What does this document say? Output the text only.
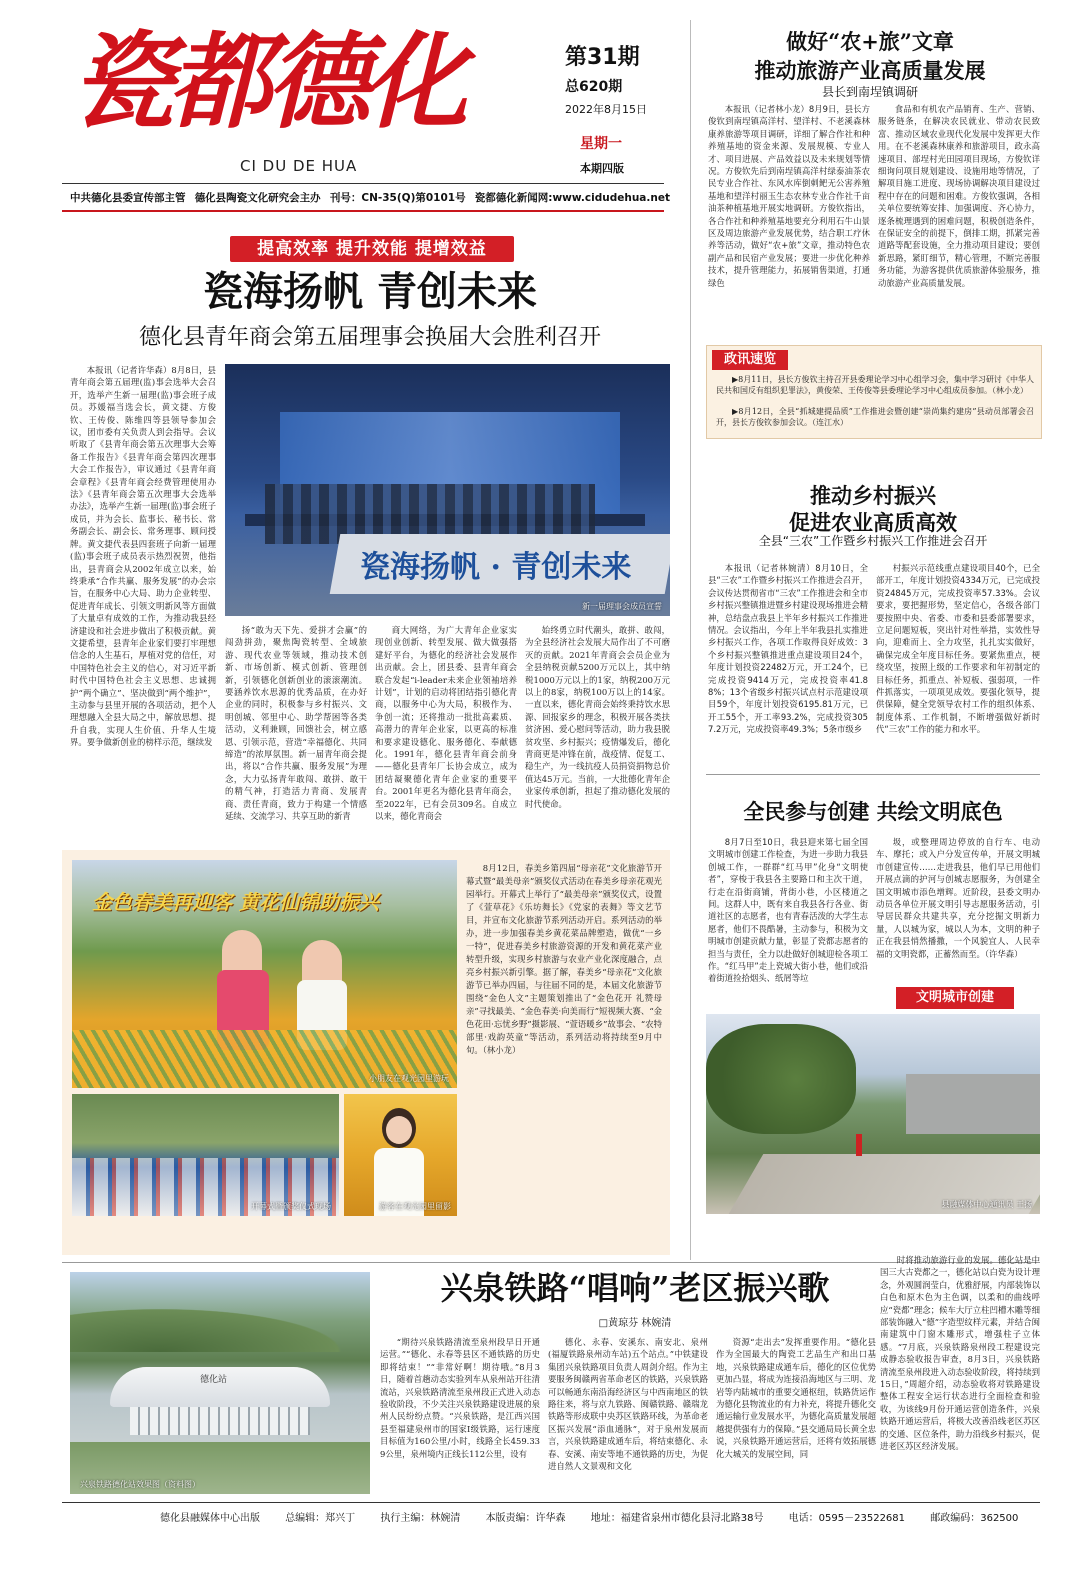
瓷都德化
CI DU DE HUA
第31期
总620期
2022年8月15日
星期一
本期四版
中共德化县委宣传部主管 德化县陶瓷文化研究会主办 刊号：CN-35(Q)第0101号 瓷都德化新闻网:www.cidudehua.net
做好“农+旅”文章
推动旅游产业高质量发展
县长到南埕镇调研

本报讯（记者林小龙）8月9日，县长方俊钦到南埕镇高洋村、望洋村、不老溪森林康养旅游等项目调研，详细了解合作社和种养殖基地的资金来源、发展规模、专业人才、项目进展、产品效益以及未来规划等情况。方俊钦先后到南埕镇高洋村绿泰油茶农民专业合作社、东风水库倒刺鲃无公害养殖基地和望洋村丽玉生态农林专业合作社千亩油茶种植基地开展实地调研。方俊钦指出，各合作社和种养殖基地要充分利用石牛山景区及周边旅游产业发展优势，结合职工疗休养等活动，做好“农+旅”文章，推动特色农副产品和民宿产业发展；要进一步优化种养技术，提升管理能力，拓展销售渠道，打通绿色

食品和有机农产品销育、生产、营销、服务链条，在解决农民就业、带动农民致富、推动区域农业现代化发展中发挥更大作用。在不老溪森林康养和旅游项目，政永高速项目、部埕村光田园项目现场，方俊钦详细询问项目规划建设、设施用地等情况，了解项目施工进度、现场协调解决项目建设过程中存在的问题和困难。方俊钦强调，各相关单位要统筹安排、加强调度、齐心协力，逐条梳理遇到的困难问题，积极创造条件，在保证安全的前提下，倒排工期，抓紧完善道路等配套设施，全力推动项目建设；要创新思路，紧盯细节，精心管理，不断完善服务功能，为游客提供优质旅游体验服务，推动旅游产业高质量发展。

政讯速览

▶8月11日，县长方俊钦主持召开县委理论学习中心组学习会，集中学习研讨《中华人民共和国反有组织犯罪法》，黄俊荣、王传俊等县委理论学习中心组成员参加。（林小龙）

▶8月12日，全县“抓城建提品质”工作推进会暨创建“崇尚集约建房”县动员部署会召开，县长方俊钦参加会议。（连江水）

提高效率 提升效能 提增效益
瓷海扬帆 青创未来
德化县青年商会第五届理事会换届大会胜利召开
瓷海扬帆 · 青创未来
新一届理事会成员宣誓

本报讯（记者许华森）8月8日，县青年商会第五届理(监)事会选举大会召开，选举产生新一届理(监)事会班子成员。苏媛福当选会长，黄文捷、方俊钦、王传俊、陈维四等县领导参加会议，团市委有关负责人到会指导。会议听取了《县青年商会第五次理事大会筹备工作报告》《县青年商会第四次理事大会工作报告》，审议通过《县青年商会章程》《县青年商会经费管理使用办法》《县青年商会第五次理事大会选举办法》，选举产生新一届理(监)事会班子成员，并为会长、监事长、秘书长、常务副会长、副会长、常务理事、顾问授牌。黄文捷代表县四套班子向新一届理(监)事会班子成员表示热烈祝贺，他指出，县青商会从2002年成立以来，始终秉承“合作共赢、服务发展”的办会宗旨，在服务中心大局、助力企业转型、促进青年成长、引领文明新风等方面做了大量卓有成效的工作，为推动我县经济建设和社会进步做出了积极贡献。黄文捷希望，县青年企业家们要打牢理想信念的人生基石，厚植对党的信任，对中国特色社会主义的信心，对习近平新时代中国特色社会主义思想、忠诚拥护“两个确立”、坚决做到“两个维护”，主动参与县里开展的各项活动，把个人理想融入全县大局之中，解放思想、提升自我，实现人生价值、升华人生境界。要争做新创业的榜样示范，继续发

扬“敢为天下先、爱拼才会赢”的闯劲拼劲，聚焦陶瓷转型、全域旅游、现代农业等领域，推动技术创新、市场创新、模式创新、管理创新，引领德化创新创业的滚滚潮流。要涵养饮水思源的优秀品质，在办好企业的同时，积极参与乡村振兴、文明创城、邻里中心、助学帮困等各类活动，义利兼顾，回馈社会，树立感恩、引领示范，营造“幸福德化、共同缔造”的浓厚氛围。新一届青年商会提出，将以“合作共赢、服务发展”为理念，大力弘扬青年敢闯、敢拼、敢干的精气神，打造活力青商、发展青商、责任青商，致力于构建一个情感延续、交流学习、共享互助的新青

商大网络，为广大青年企业家实现创业创新、转型发展、做大做强搭建好平台，为德化的经济社会发展作出贡献。会上，团县委、县青年商会联合发起“i-leader未来企业领袖培养计划”，计划的启动将团结指引德化青商，以服务中心为大局，积极作为、争创一流；还将推动一批批高素质、高潜力的青年企业家，以更高的标准和要求建设德化、服务德化、奉献德化。1991年，德化县青年商会前身——德化县青年厂长协会成立，成为团结凝聚德化青年企业家的重要平台。2001年更名为德化县青年商会，至2022年，已有会员309名。自成立以来，德化青商会

始终勇立时代潮头，敢拼、敢闯，为全县经济社会发展大局作出了不可磨灭的贡献。2021年青商会会员企业为全县纳税贡献5200万元以上，其中纳税1000万元以上的1家，纳税200万元以上的8家，纳税100万以上的14家。一直以来，德化青商会始终秉持饮水思源、回报家乡的理念，积极开展各类扶贫济困、爱心慰问等活动，助力我县脱贫攻坚、乡村振兴；疫情爆发后，德化青商更是冲锋在前，战疫情、促复工、稳生产，为一线抗疫人员捐资捐物总价值达45万元。当前，一大批德化青年企业家传承创新，担起了推动德化发展的时代使命。

推动乡村振兴
促进农业高质高效
全县“三农”工作暨乡村振兴工作推进会召开

本报讯（记者林婉清）8月10日，全县“三农”工作暨乡村振兴工作推进会召开，会议传达贯彻省市“三农”工作推进会和全市乡村振兴整镇推进暨乡村建设现场推进会精神，总结盘点我县上半年乡村振兴工作推进情况。会议指出，今年上半年我县扎实推进乡村振兴工作，各项工作取得良好成效：3个乡村振兴整镇推进重点建设项目24个，年度计划投资22482万元，开工24个，已完成投资9414万元，完成投资率41.88%；13个省级乡村振兴试点村示范建设项目59个，年度计划投资6195.81万元，已开工55个，开工率93.2%，完成投资3057.2万元，完成投资率49.3%；5条市级乡

村振兴示范线重点建设项目40个，已全部开工，年度计划投资4334万元，已完成投资24845万元，完成投资率57.33%。会议要求，要把握形势，坚定信心，各级各部门要按照中央、省委、市委和县委部署要求，立足问题短板，突出针对性举措，实效性导向，迎难而上、全力攻坚，扎扎实实做好，确保完成全年度目标任务。要紧焦重点，梗绕攻坚，按照上级的工作要求和年初制定的目标任务，抓重点、补短板、强弱项，一件件抓落实，一项项见成效。要强化领导，提供保障，健全党领导农村工作的组织体系、制度体系、工作机制，不断增强做好新时代“三农”工作的能力和水平。

全民参与创建 共绘文明底色

8月7日至10日，我县迎来第七届全国文明城市创建工作检查，为进一步助力我县创城工作，一群群“红马甲”化身“文明使者”，穿梭于我县各主要路口和主次干道，行走在沿街商铺，背街小巷，小区楼道之间。这群人中，既有来自我县各行各业、街道社区的志愿者，也有青春活泼的大学生志愿者，他们不畏酷暑，主动参与，积极为文明城市创建贡献力量，彰显了瓷都志愿者的担当与责任，全力以赴做好创城迎检各项工作。“红马甲”走上瓷城大街小巷，他们或沿着街道捡拾烟头、纸屑等垃

圾，或整理周边停放的自行车、电动车、摩托；或入户分发宣传单，开展文明城市创建宣传……走进我县，他们早已用他们开展点滴的护河与创城志愿服务，为创建全国文明城市添色增辉。近阶段，县委文明办动员各单位开展文明引导志愿服务活动，引导居民群众共建共享，充分挖掘文明新力量，人以城为家，城以人为本，文明的种子正在我县悄然播撒，一个风貌宜人、人民幸福的文明瓷都，正蓄然而至。（许华森）

文明城市创建
县融媒体中心通讯员 王扬
金色春美再迎客 黄花仙锦助振兴
小朋友在观光园里游玩
开幕式暨颁奖仪式现场	游客在观光园里留影

8月12日，春美乡第四届“母亲花”文化旅游节开幕式暨“最美母亲”颁奖仪式活动在春美乡母亲花观光园举行。开幕式上举行了“最美母亲”颁奖仪式，设置了《萱草花》《乐坊舞长》《党家的表舞》等文艺节目，并宣布文化旅游节系列活动开启。系列活动的举办，进一步加强春美乡黄花菜品牌塑造，做优“一乡一特”，促进春美乡村旅游资源的开发和黄花菜产业转型升级，实现乡村旅游与农业产业化深度融合，点亮乡村振兴新引擎。据了解，春美乡“母亲花”文化旅游节已举办四届，与往届不同的是，本届文化旅游节围绕“金色人文”主题策划推出了“金色花开 礼赞母亲”寻找最美、“金色春美·向美而行”短视频大赛、“金色花田·忘忧乡野”摄影展、“萱语暖乡”故事会、“农特部里·戏韵英童”等活动，系列活动将持续至9月中旬。（林小龙）

德化站
兴泉铁路德化站效果图（资料图）
兴泉铁路“唱响”老区振兴歌
□黄琼芬 林婉清

“期待兴泉铁路清流至泉州段早日开通运营。”“德化、永春等县区不通铁路的历史即将结束！”“非常好啊！期待哦。”8月3日，随着首趟动态实验列车从泉州站开往清流站，兴泉铁路清流至泉州段正式进入动态验收阶段，不少关注兴泉铁路建设进展的泉州人民纷纷点赞。“兴泉铁路，是江西兴国县至福建泉州市的国家Ⅰ级铁路，运行速度目标值为160公里/小时，线路全长459.339公里，泉州境内正线长112公里，设有

德化、永春、安溪东、南安北、泉州(福厦铁路泉州动车站)五个站点。”中铁建设集团兴泉铁路项目负责人周剑介绍。作为主要服务闽赣两省革命老区的铁路，兴泉铁路可以畅通东南沿海经济区与中西南地区的铁路往来，将与京九铁路、闽赣铁路、赣瑞龙铁路等形成联中央苏区铁路环线，为革命老区振兴发展“添血通脉”，对于泉州发展而言，兴泉铁路建成通车后，将结束德化、永春、安溪、南安等地不通铁路的历史，为促进自然人文景观和文化

资源“走出去”发挥重要作用。“德化县作为全国最大的陶瓷工艺品生产和出口基地，兴泉铁路建成通车后，德化的区位优势更加凸显，将成为连接沿海地区与三明、龙岩等内陆城市的重要交通枢纽，铁路货运作为德化县物流业的有力补充，将提升德化交通运输行业发展水平，为德化高质量发展超越提供强有力的保障。”县交通局局长黄全忠说，兴泉铁路开通运营后，还将有效拓展德化大城关的发展空间，同

时将推动旅游行业的发展。德化站是中国三大古瓷都之一，德化站以白瓷为设计理念，外观圆润莹白，优雅舒展，内部装饰以白色和原木色为主色调，以柔和的曲线呼应“瓷都”理念；候车大厅立柱凹槽木雕等细部装饰融入“德”字造型纹样元素，并结合闽南建筑中门窗木雕形式，增强柱子立体感。“7月底，兴泉铁路泉州段工程建设完成静态验收报告审查，8月3日，兴泉铁路清流至泉州段进入动态验收阶段，将持续到15日，”周超介绍，动态验收将对铁路建设整体工程安全运行状态进行全面检查和验收，为该线9月份开通运营创造条件，兴泉铁路开通运营后，将极大改善沿线老区苏区的交通、区位条件，助力沿线乡村振兴，促进老区苏区经济发展。

德化县融媒体中心出版	总编辑：郑兴丁	执行主编：林婉清	本版责编：许华森	地址：福建省泉州市德化县浔北路38号	电话：0595－23522681	邮政编码：362500
